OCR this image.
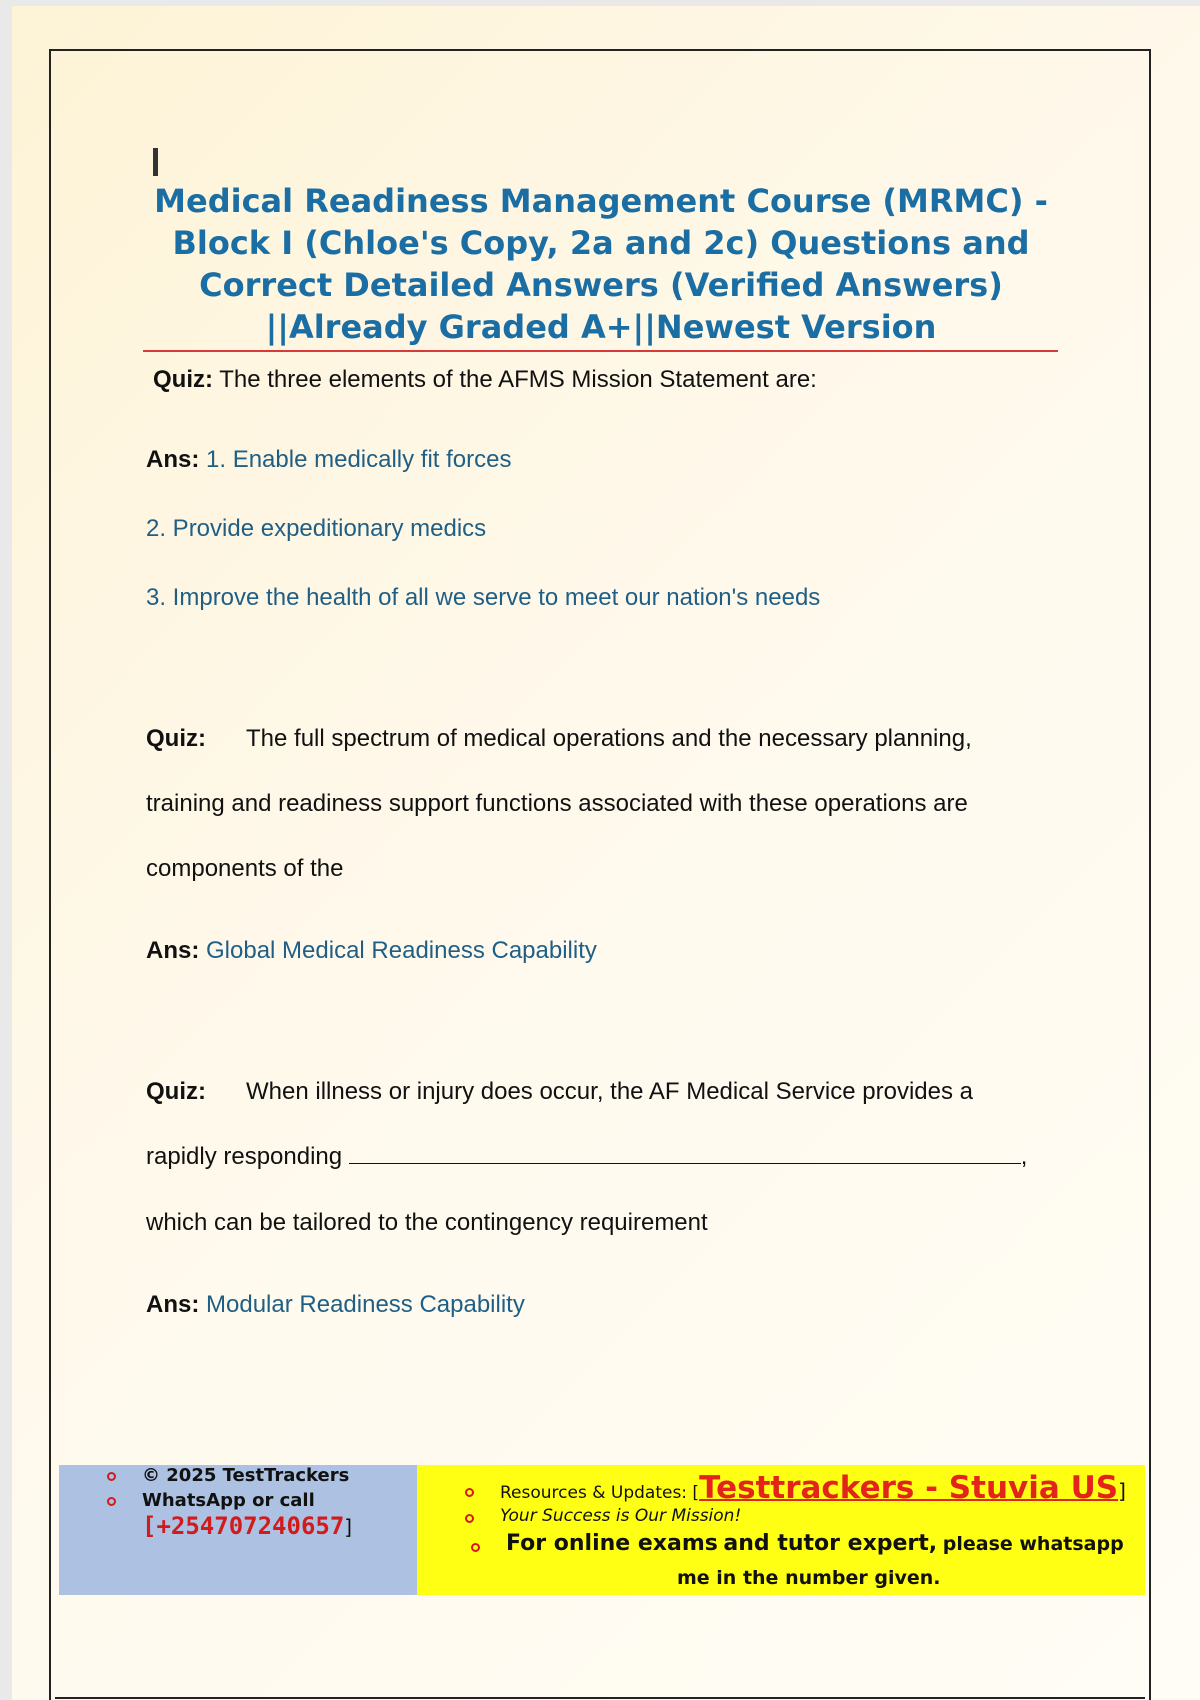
Medical Readiness Management Course (MRMC) -
Block I (Chloe's Copy, 2a and 2c) Questions and
Correct Detailed Answers (Verified Answers)
||Already Graded A+||Newest Version

Quiz: The three elements of the AFMS Mission Statement are:

Ans: 1. Enable medically fit forces

2. Provide expeditionary medics

3. Improve the health of all we serve to meet our nation's needs

Quiz: The full spectrum of medical operations and the necessary planning,

training and readiness support functions associated with these operations are

components of the

Ans: Global Medical Readiness Capability

Quiz: When illness or injury does occur, the AF Medical Service provides a

rapidly responding	,

which can be tailored to the contingency requirement

Ans: Modular Readiness Capability

© 2025 TestTrackers

WhatsApp or call

[+254707240657]

Resources & Updates: [Testtrackers - Stuvia US]

Your Success is Our Mission!

For online exams and tutor expert, please whatsapp

me in the number given.
